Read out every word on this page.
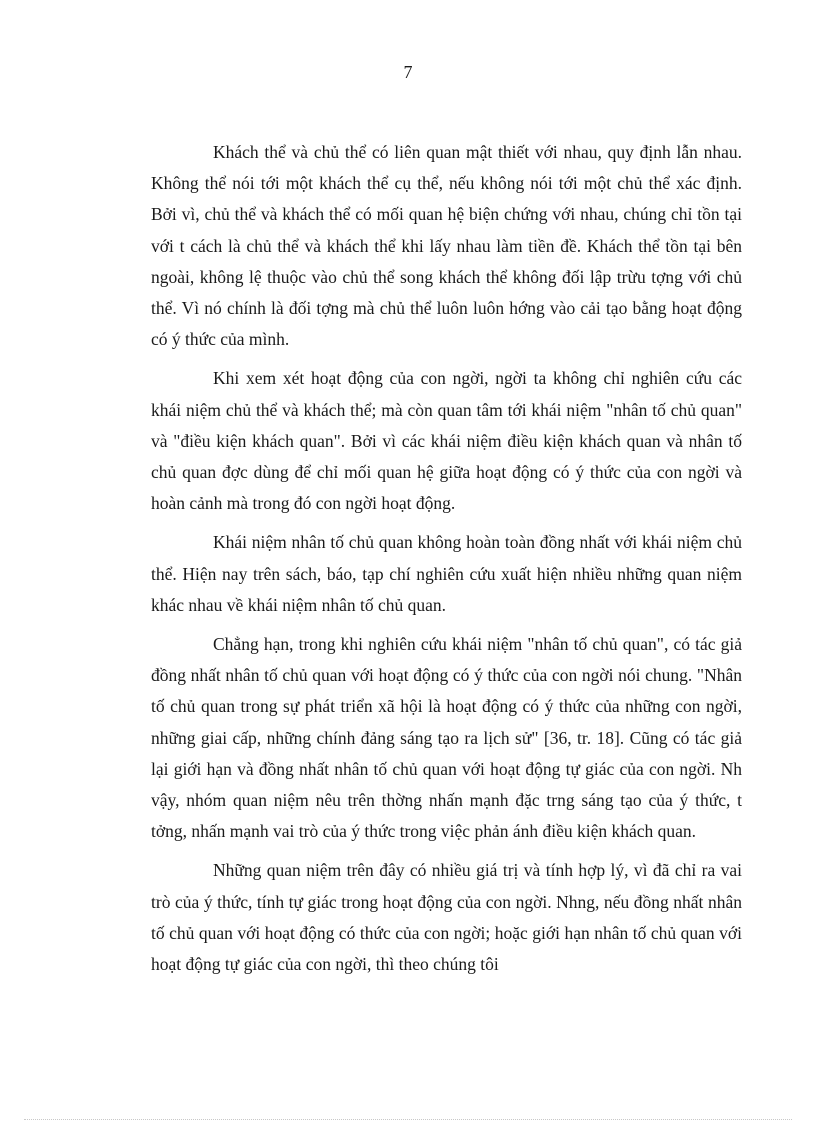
7

Khách thể và chủ thể có liên quan mật thiết với nhau, quy định lẫn nhau. Không thể nói tới một khách thể cụ thể, nếu không nói tới một chủ thể xác định. Bởi vì, chủ thể và khách thể có mối quan hệ biện chứng với nhau, chúng chỉ tồn tại với t cách là chủ thể và khách thể khi lấy nhau làm tiền đề. Khách thể tồn tại bên ngoài, không lệ thuộc vào chủ thể song khách thể không đối lập trừu tợng với chủ thể. Vì nó chính là đối tợng mà chủ thể luôn luôn hớng vào cải tạo bằng hoạt động có ý thức của mình.

Khi xem xét hoạt động của con ngời, ngời ta không chỉ nghiên cứu các khái niệm chủ thể và khách thể; mà còn quan tâm tới khái niệm "nhân tố chủ quan" và "điều kiện khách quan". Bởi vì các khái niệm điều kiện khách quan và nhân tố chủ quan đợc dùng để chỉ mối quan hệ giữa hoạt động có ý thức của con ngời và hoàn cảnh mà trong đó con ngời hoạt động.

Khái niệm nhân tố chủ quan không hoàn toàn đồng nhất với khái niệm chủ thể. Hiện nay trên sách, báo, tạp chí nghiên cứu xuất hiện nhiều những quan niệm khác nhau về khái niệm nhân tố chủ quan.

Chẳng hạn, trong khi nghiên cứu khái niệm "nhân tố chủ quan", có tác giả đồng nhất nhân tố chủ quan với hoạt động có ý thức của con ngời nói chung. "Nhân tố chủ quan trong sự phát triển xã hội là hoạt động có ý thức của những con ngời, những giai cấp, những chính đảng sáng tạo ra lịch sử" [36, tr. 18]. Cũng có tác giả lại giới hạn và đồng nhất nhân tố chủ quan với hoạt động tự giác của con ngời. Nh vậy, nhóm quan niệm nêu trên thờng nhấn mạnh đặc trng sáng tạo của ý thức, t tởng, nhấn mạnh vai trò của ý thức trong việc phản ánh điều kiện khách quan.

Những quan niệm trên đây có nhiều giá trị và tính hợp lý, vì đã chỉ ra vai trò của ý thức, tính tự giác trong hoạt động của con ngời. Nhng, nếu đồng nhất nhân tố chủ quan với hoạt động có thức của con ngời; hoặc giới hạn nhân tố chủ quan với hoạt động tự giác của con ngời, thì theo chúng tôi
